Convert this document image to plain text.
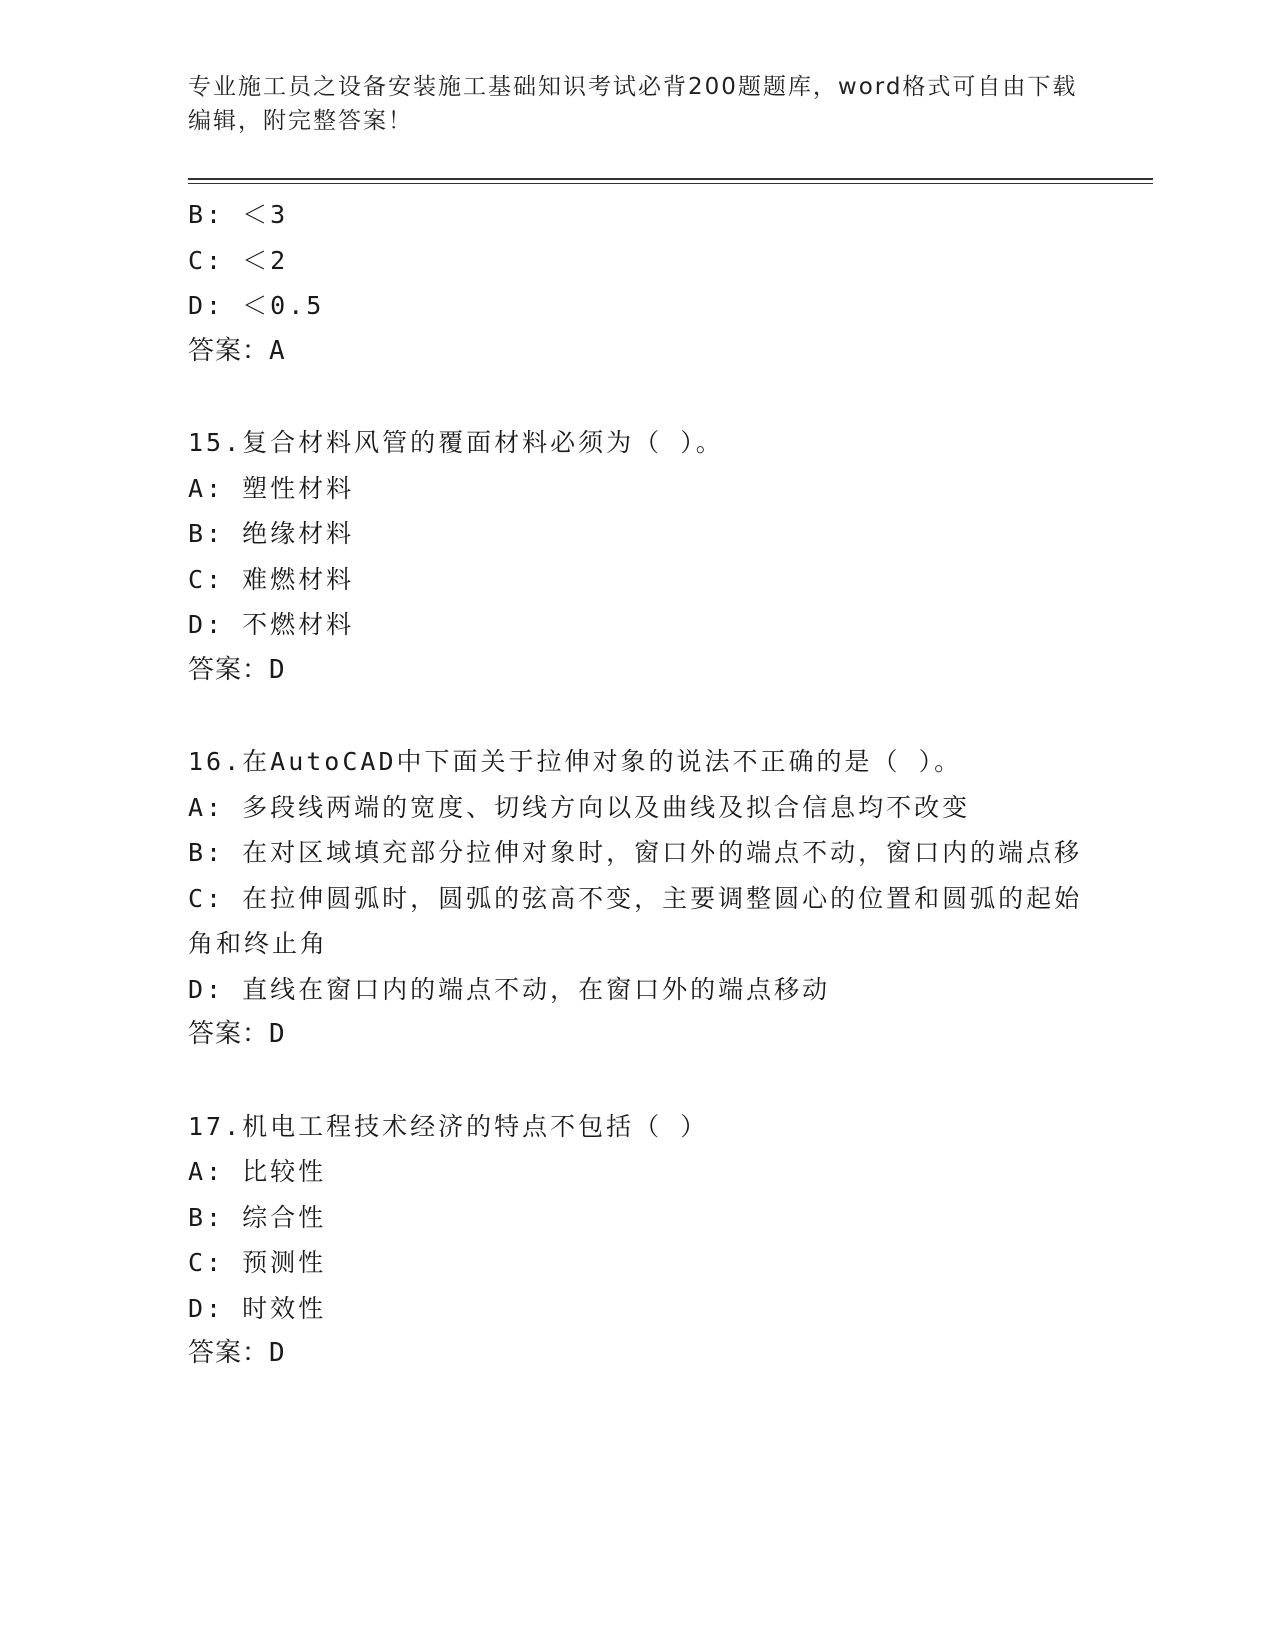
专业施工员之设备安装施工基础知识考试必背200题题库，word格式可自由下载编辑，附完整答案！
B: ＜3
C: ＜2
D: ＜0.5
答案：A
15.复合材料风管的覆面材料必须为（ ）。
A: 塑性材料
B: 绝缘材料
C: 难燃材料
D: 不燃材料
答案：D
16.在AutoCAD中下面关于拉伸对象的说法不正确的是（ ）。
A: 多段线两端的宽度、切线方向以及曲线及拟合信息均不改变
B: 在对区域填充部分拉伸对象时，窗口外的端点不动，窗口内的端点移
C: 在拉伸圆弧时，圆弧的弦高不变，主要调整圆心的位置和圆弧的起始角和终止角
D: 直线在窗口内的端点不动，在窗口外的端点移动
答案：D
17.机电工程技术经济的特点不包括（ ）
A: 比较性
B: 综合性
C: 预测性
D: 时效性
答案：D
